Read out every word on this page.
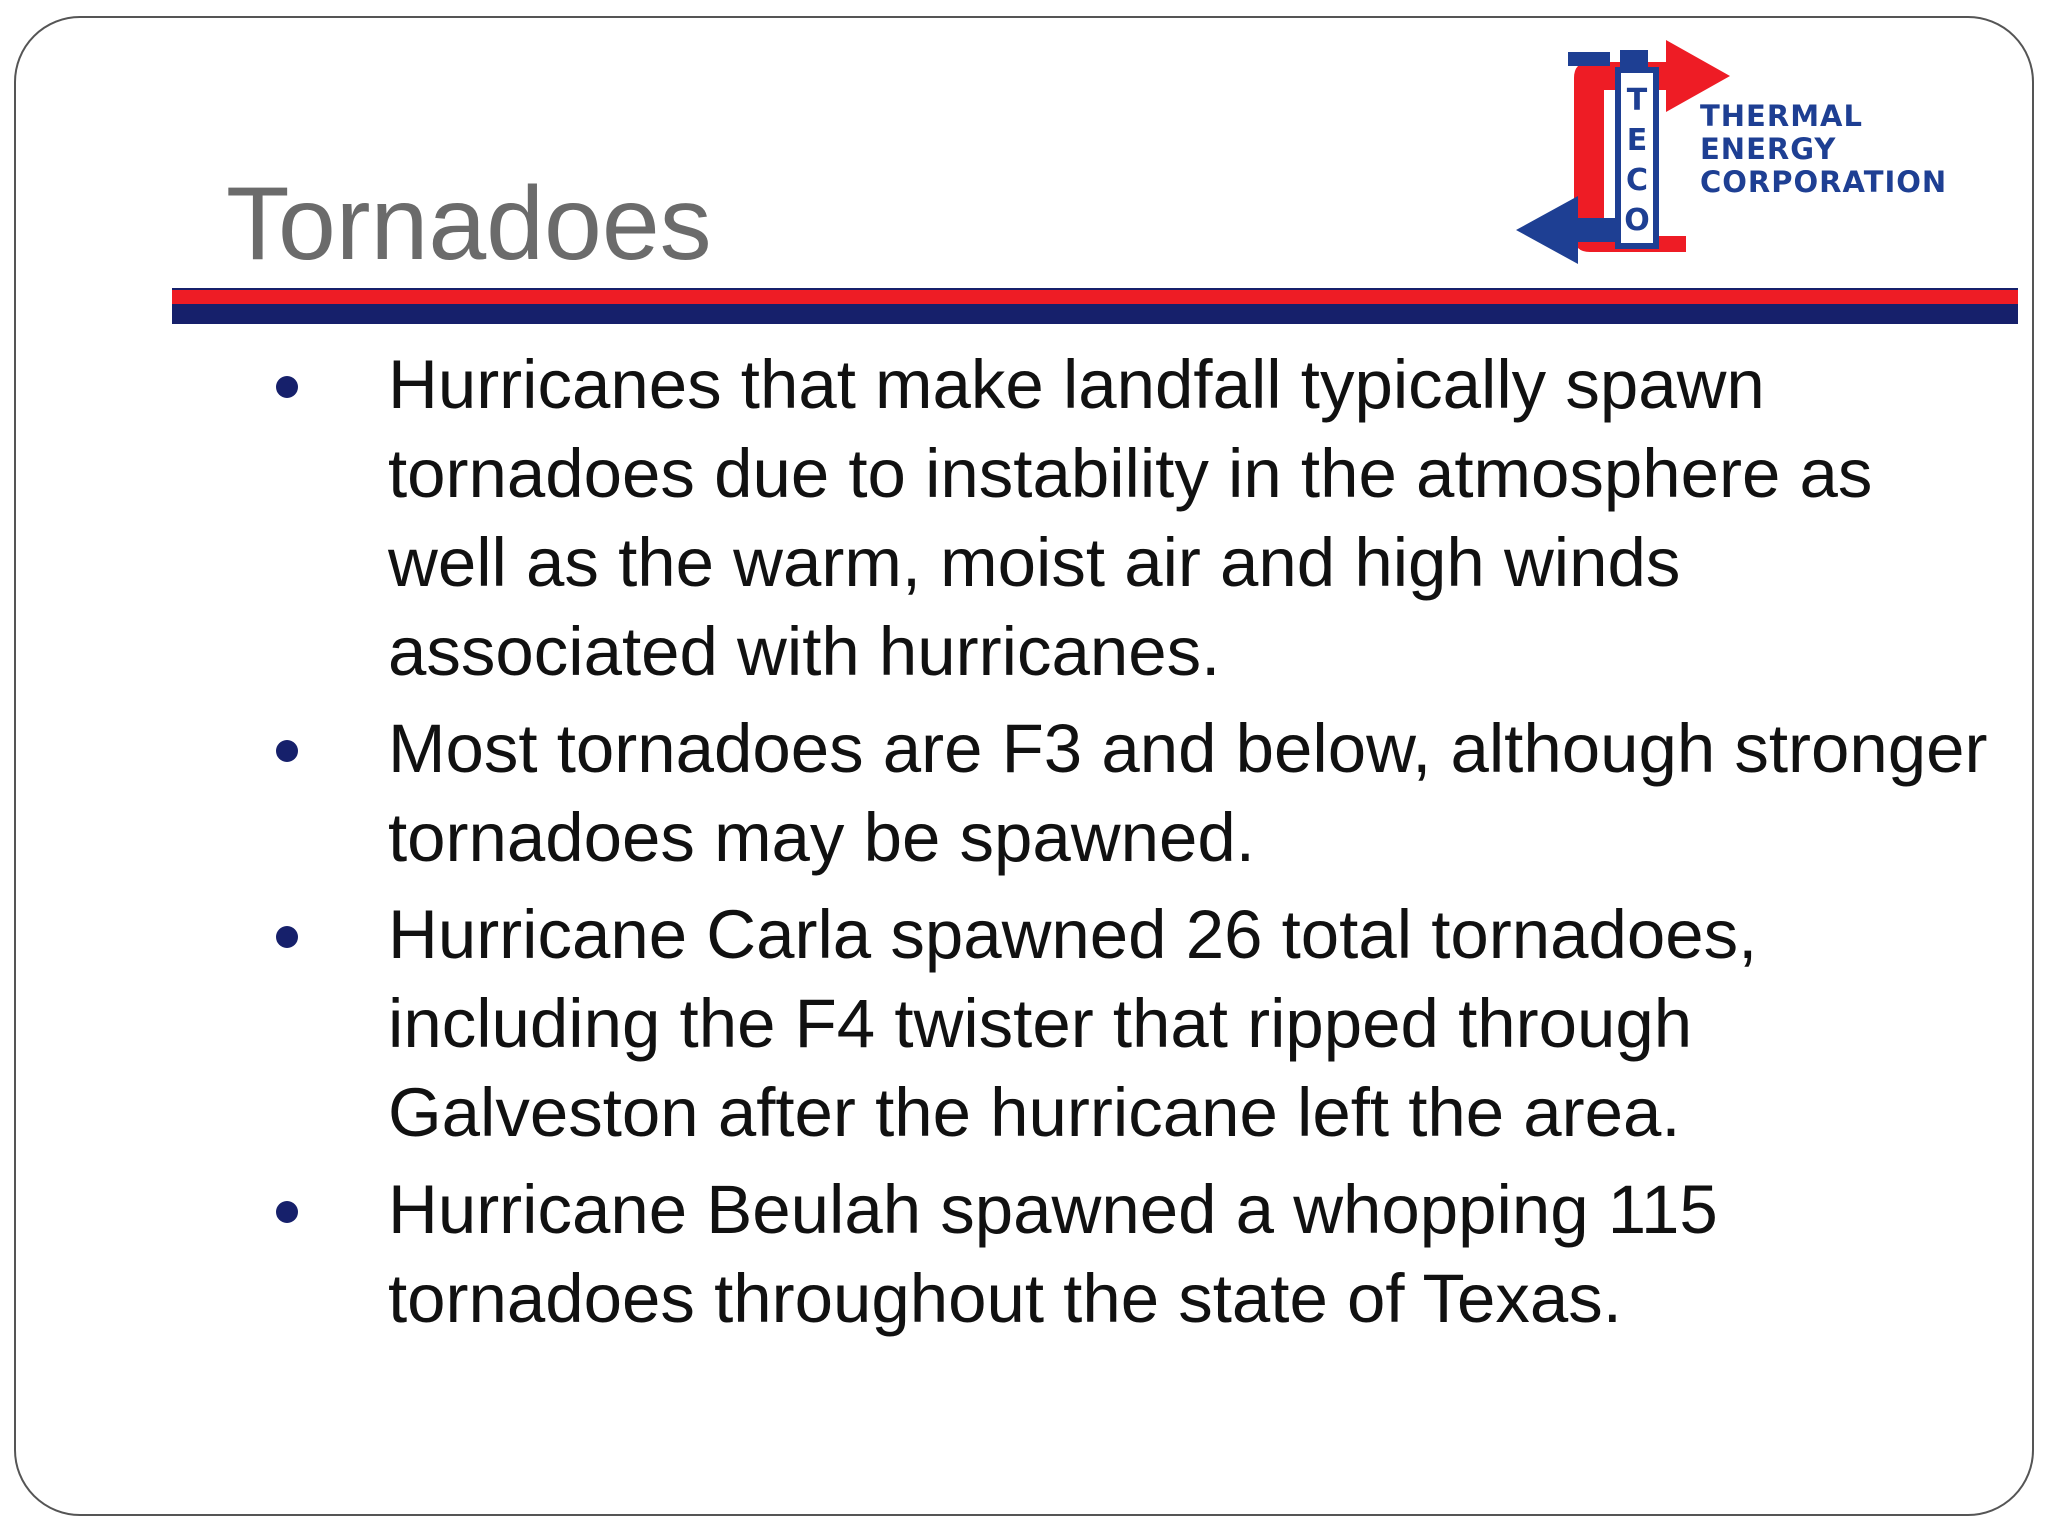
Tornadoes
T
E
C
O
THERMAL
ENERGY
CORPORATION
Hurricanes that make landfall typically spawn tornadoes due to instability in the atmosphere as well as the warm, moist air and high winds associated with hurricanes.
Most tornadoes are F3 and below, although stronger tornadoes may be spawned.
Hurricane Carla spawned 26 total tornadoes, including the F4 twister that ripped through Galveston after the hurricane left the area.
Hurricane Beulah spawned a whopping 115 tornadoes throughout the state of Texas.
